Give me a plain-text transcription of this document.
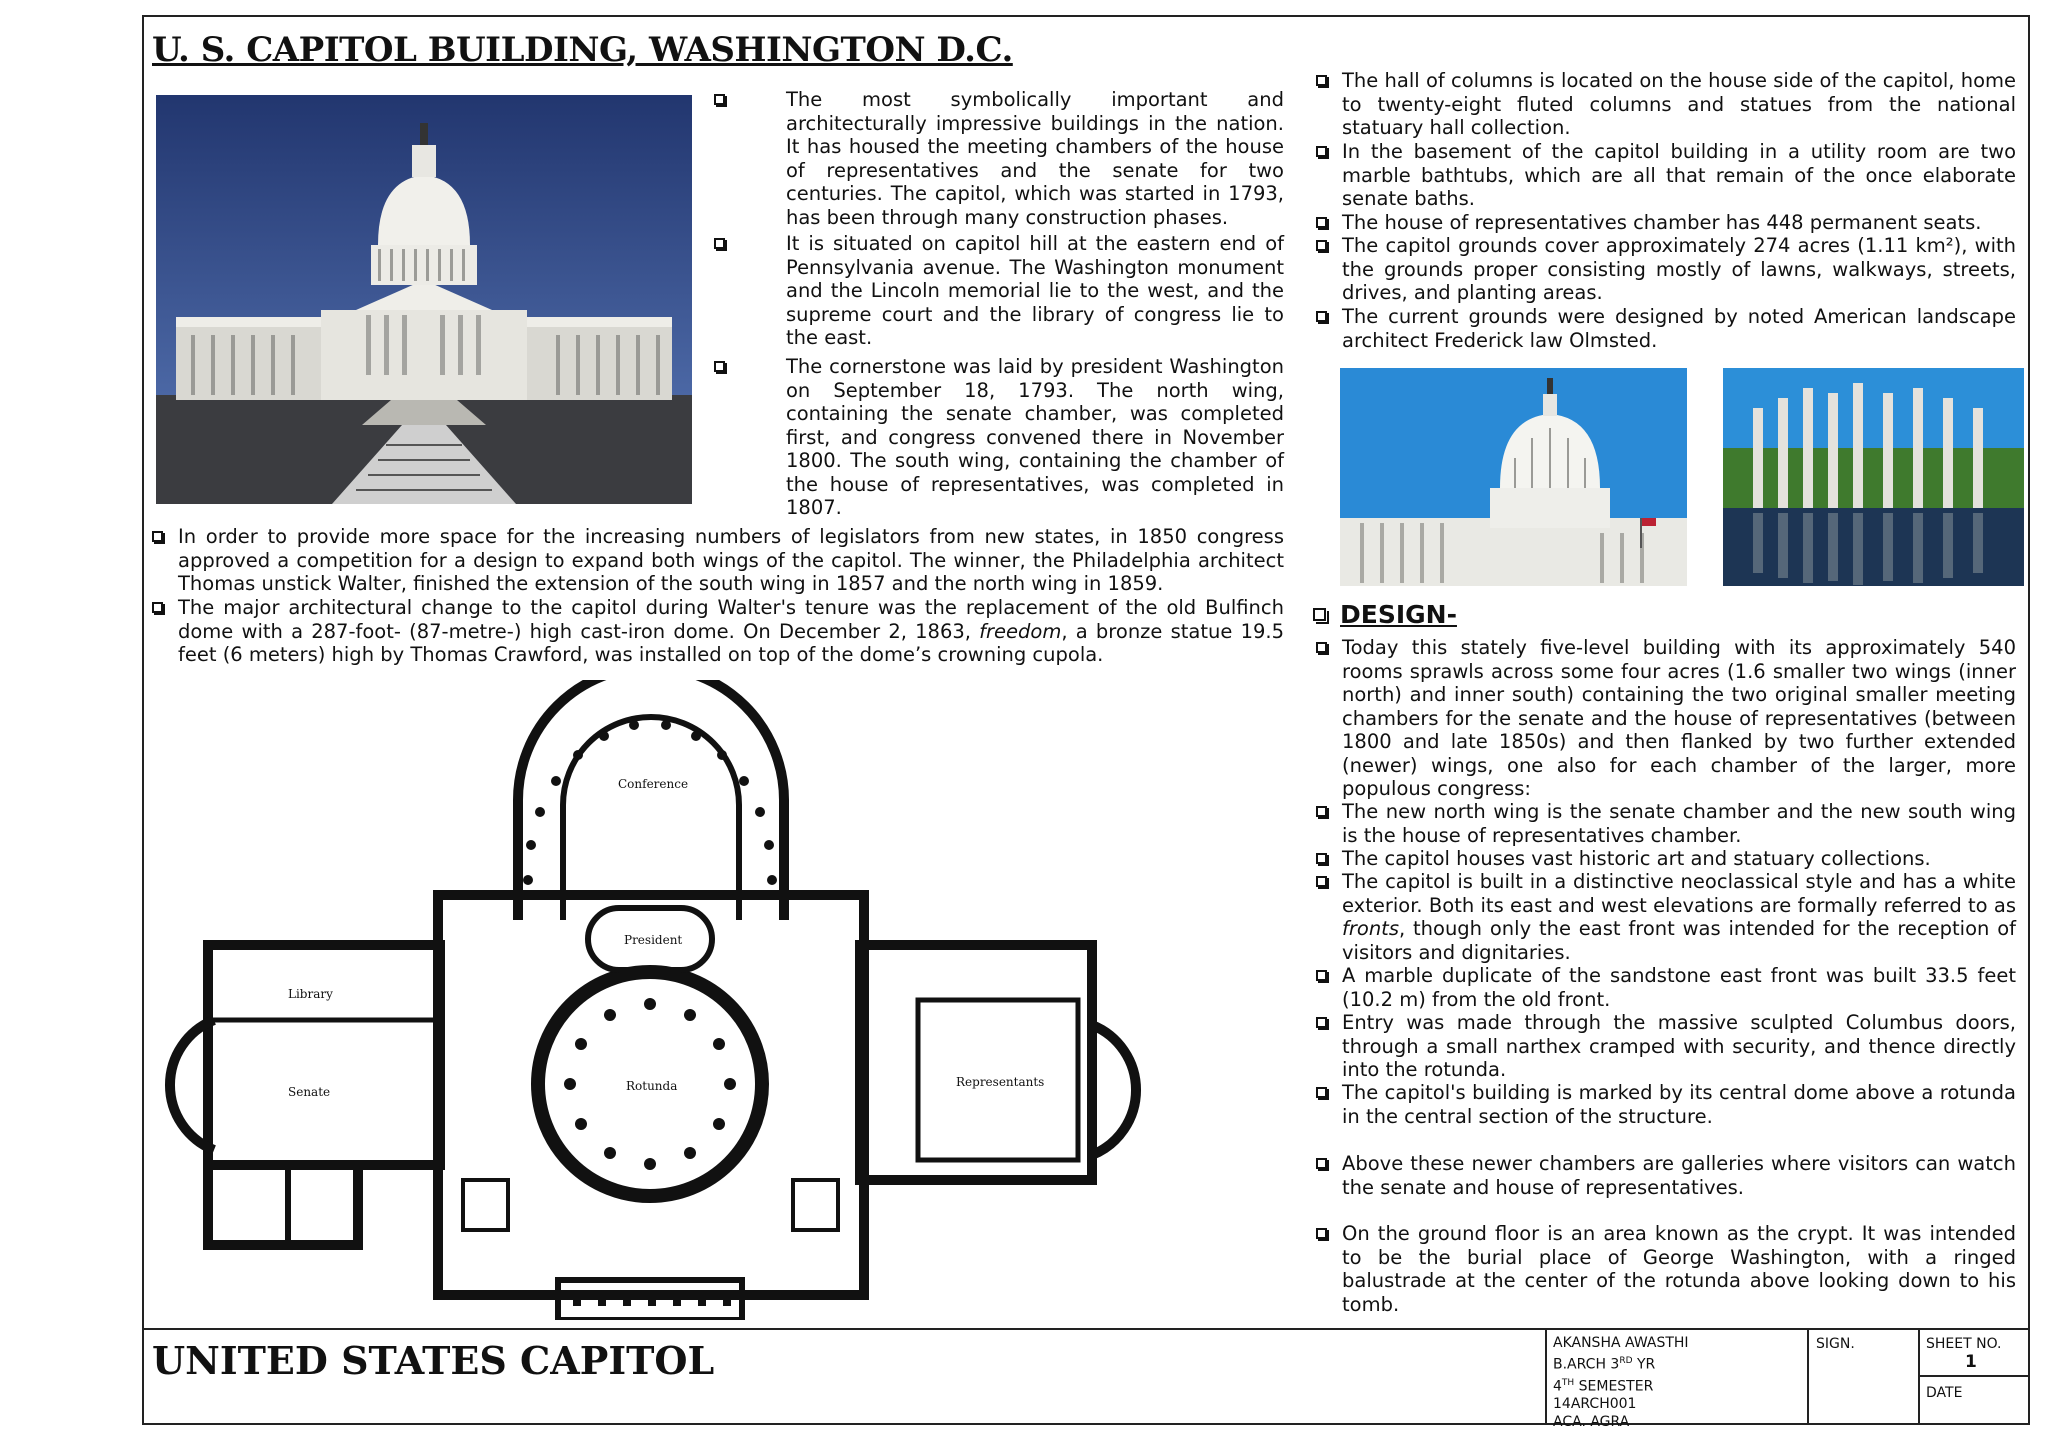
U. S. CAPITOL BUILDING, WASHINGTON D.C.
The most symbolically important and architecturally impressive buildings in the nation. It has housed the meeting chambers of the house of representatives and the senate for two centuries. The capitol, which was started in 1793, has been through many construction phases.
It is situated on capitol hill at the eastern end of Pennsylvania avenue. The Washington monument and the Lincoln memorial lie to the west, and the supreme court and the library of congress lie to the east.
The cornerstone was laid by president Washington on September 18, 1793. The north wing, containing the senate chamber, was completed first, and congress convened there in November 1800. The south wing, containing the chamber of the house of representatives, was completed in 1807.
In order to provide more space for the increasing numbers of legislators from new states, in 1850 congress approved a competition for a design to expand both wings of the capitol. The winner, the Philadelphia architect Thomas unstick Walter, finished the extension of the south wing in 1857 and the north wing in 1859.
The major architectural change to the capitol during Walter's tenure was the replacement of the old Bulfinch dome with a 287-foot- (87-metre-) high cast-iron dome. On December 2, 1863, freedom, a bronze statue 19.5 feet (6 meters) high by Thomas Crawford, was installed on top of the dome’s crowning cupola.
Conference
President
Library
Senate	Rotunda	Representants
The hall of columns is located on the house side of the capitol, home to twenty-eight fluted columns and statues from the national statuary hall collection.
In the basement of the capitol building in a utility room are two marble bathtubs, which are all that remain of the once elaborate senate baths.
The house of representatives chamber has 448 permanent seats.
The capitol grounds cover approximately 274 acres (1.11 km²), with the grounds proper consisting mostly of lawns, walkways, streets, drives, and planting areas.
The current grounds were designed by noted American landscape architect Frederick law Olmsted.
DESIGN-
Today this stately five-level building with its approximately 540 rooms sprawls across some four acres (1.6 smaller two wings (inner north) and inner south) containing the two original smaller meeting chambers for the senate and the house of representatives (between 1800 and late 1850s) and then flanked by two further extended (newer) wings, one also for each chamber of the larger, more populous congress:
The new north wing is the senate chamber and the new south wing is the house of representatives chamber.
The capitol houses vast historic art and statuary collections.
The capitol is built in a distinctive neoclassical style and has a white exterior. Both its east and west elevations are formally referred to as fronts, though only the east front was intended for the reception of visitors and dignitaries.
A marble duplicate of the sandstone east front was built 33.5 feet (10.2 m) from the old front.
Entry was made through the massive sculpted Columbus doors, through a small narthex cramped with security, and thence directly into the rotunda.
The capitol's building is marked by its central dome above a rotunda in the central section of the structure.
Above these newer chambers are galleries where visitors can watch the senate and house of representatives.
On the ground floor is an area known as the crypt. It was intended to be the burial place of George Washington, with a ringed balustrade at the center of the rotunda above looking down to his tomb.
UNITED STATES CAPITOL	AKANSHA AWASTHI
B.ARCH 3RD YR
4TH SEMESTER
14ARCH001
ACA. AGRA
SIGN.	SHEET NO.
1
DATE
